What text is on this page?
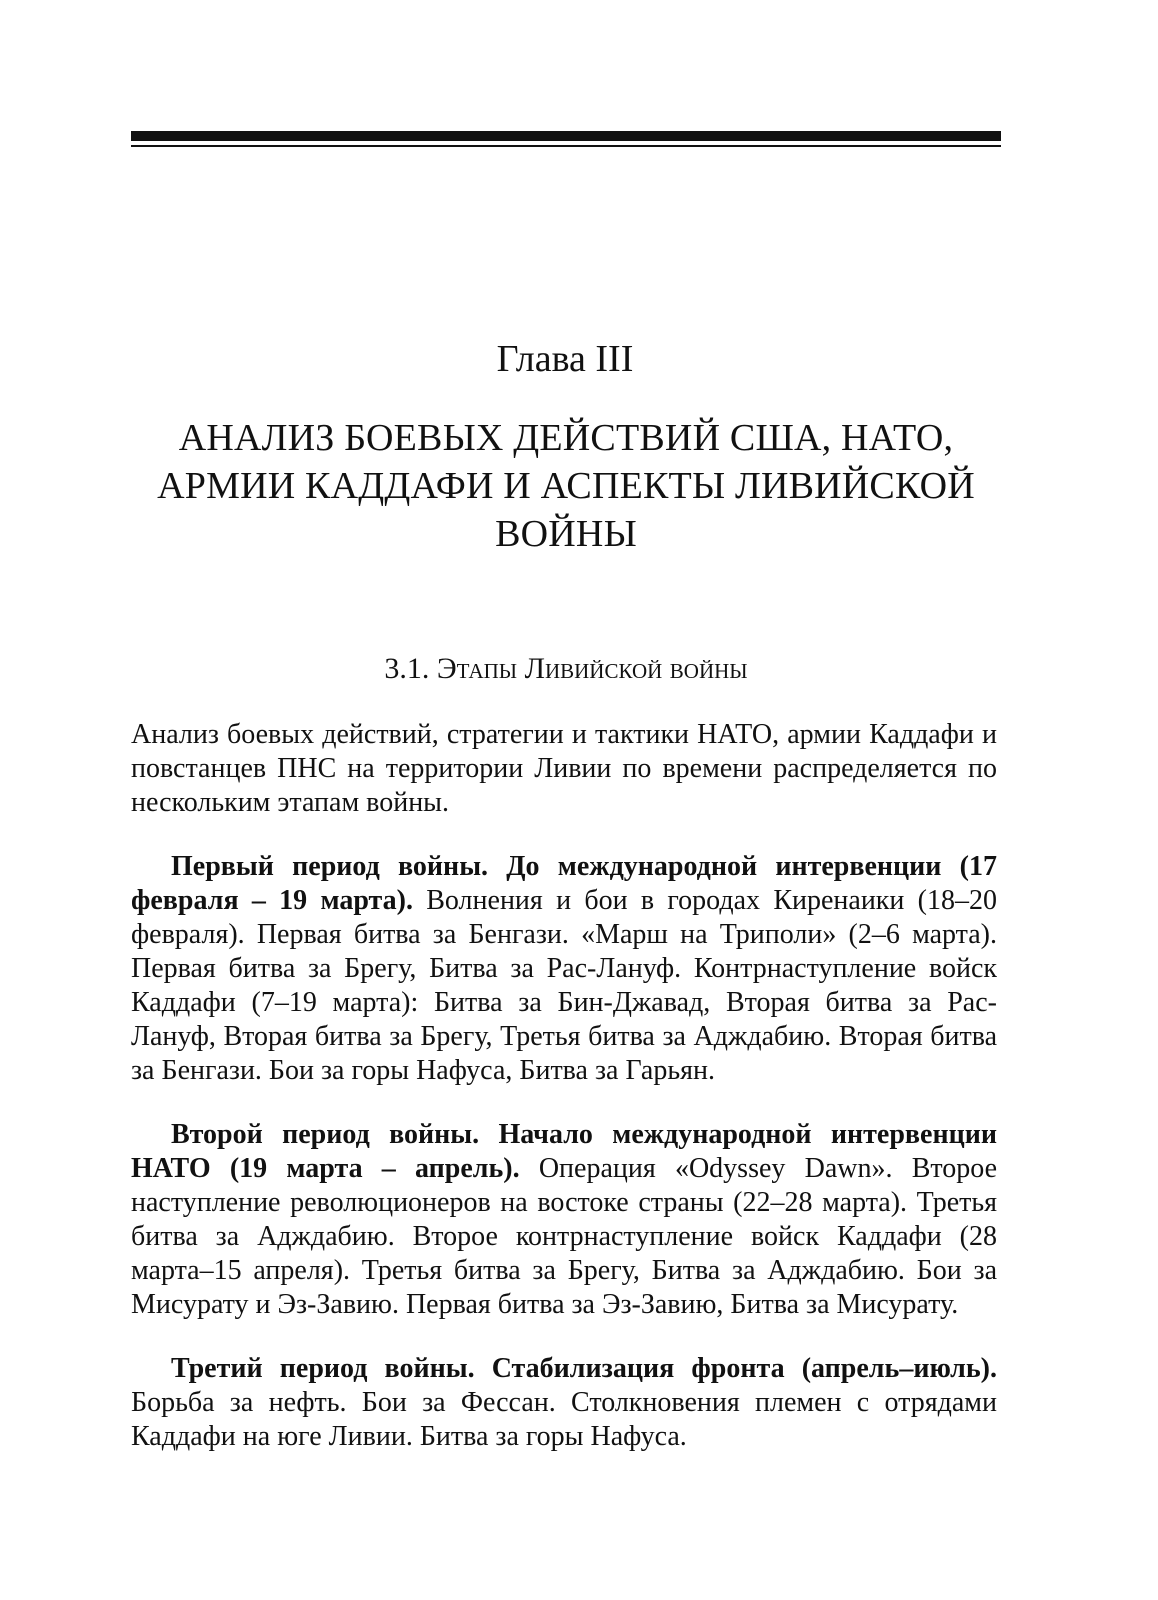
Глава III
АНАЛИЗ БОЕВЫХ ДЕЙСТВИЙ США, НАТО, АРМИИ КАДДАФИ И АСПЕКТЫ ЛИВИЙСКОЙ ВОЙНЫ
3.1. Этапы Ливийской войны

Анализ боевых действий, стратегии и тактики НАТО, армии Каддафи и повстанцев ПНС на территории Ливии по времени распределяется по нескольким этапам войны.

Первый период войны. До международной интервенции (17 февраля – 19 марта). Волнения и бои в городах Киренаики (18–20 февраля). Первая битва за Бенгази. «Марш на Триполи» (2–6 марта). Первая битва за Брегу, Битва за Рас-Лануф. Контрнаступление войск Каддафи (7–19 марта): Битва за Бин-Джавад, Вторая битва за Рас-Лануф, Вторая битва за Брегу, Третья битва за Адждабию. Вторая битва за Бенгази. Бои за горы Нафуса, Битва за Гарьян.

Второй период войны. Начало международной интервенции НАТО (19 марта – апрель). Операция «Odyssey Dawn». Второе наступление революционеров на востоке страны (22–28 марта). Третья битва за Адждабию. Второе контрнаступление войск Каддафи (28 марта–15 апреля). Третья битва за Брегу, Битва за Адждабию. Бои за Мисурату и Эз-Завию. Первая битва за Эз-Завию, Битва за Мисурату.

Третий период войны. Стабилизация фронта (апрель–июль). Борьба за нефть. Бои за Фессан. Столкновения племен с отрядами Каддафи на юге Ливии. Битва за горы Нафуса.
